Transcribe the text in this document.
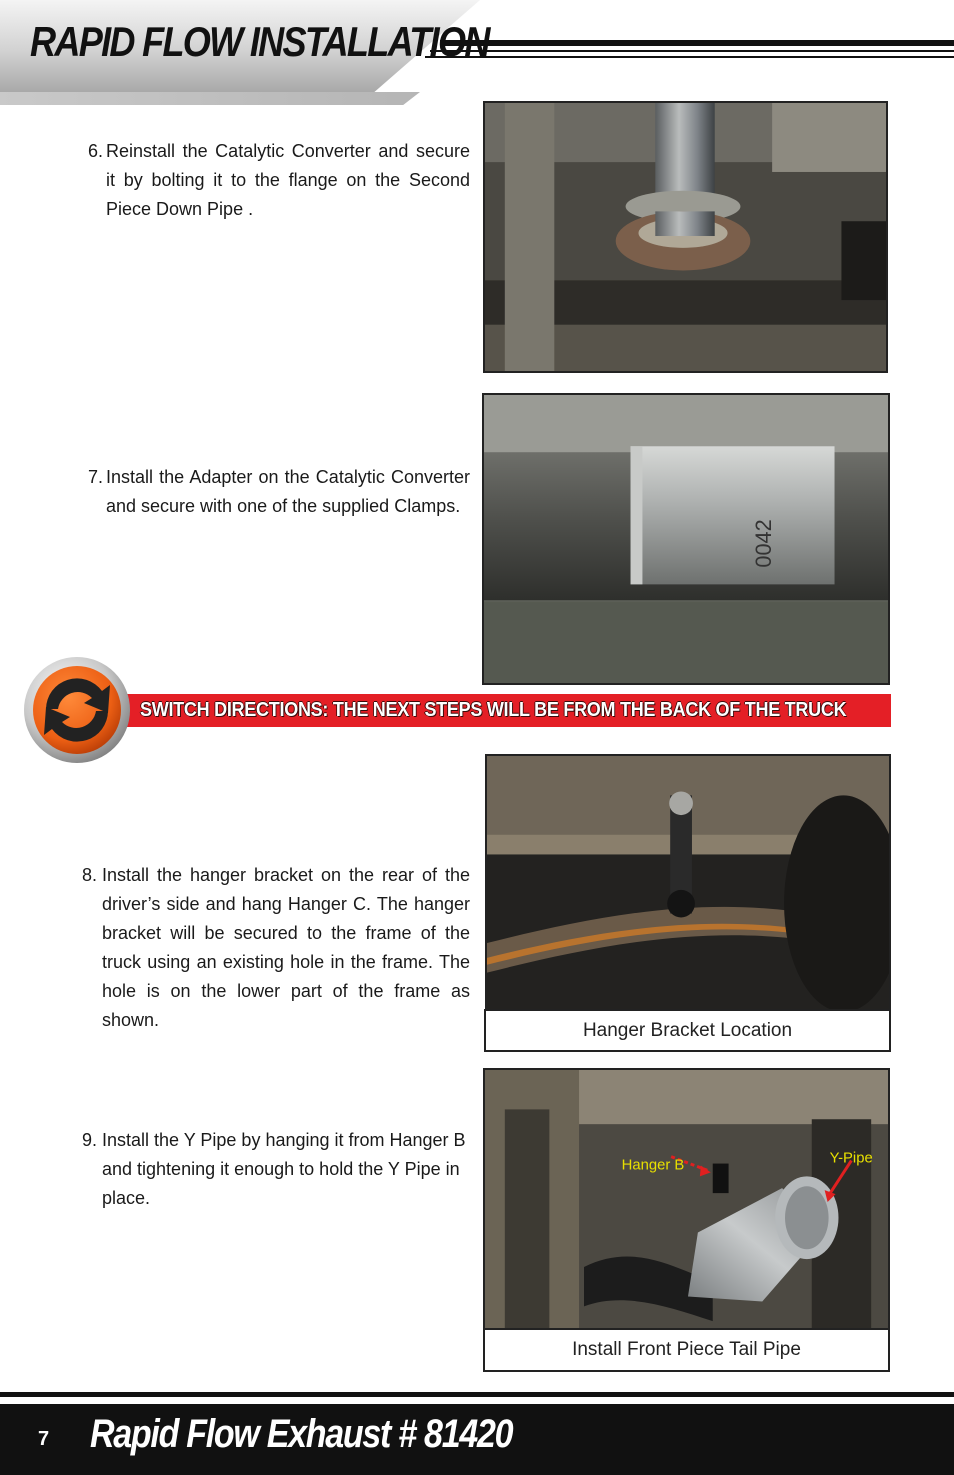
RAPID FLOW INSTALLATION
6. Reinstall the Catalytic Converter and secure it by bolting it to the flange on the Second Piece Down Pipe .
7. Install the Adapter on the Catalytic Converter and secure with one of the supplied Clamps.
0042
SWITCH DIRECTIONS: THE NEXT STEPS WILL BE FROM THE BACK OF THE TRUCK
8. Install the hanger bracket on the rear of the driver’s side and hang Hanger C. The hanger bracket will be secured to the frame of the truck using an existing hole in the frame. The hole is on the lower part of the frame as shown.	Hanger Bracket Location
9. Install the Y Pipe by hanging it from Hanger B and tightening it enough to hold the Y Pipe in place.
Hanger B	Y-Pipe
Install Front Piece Tail Pipe
7 Rapid Flow Exhaust # 81420
